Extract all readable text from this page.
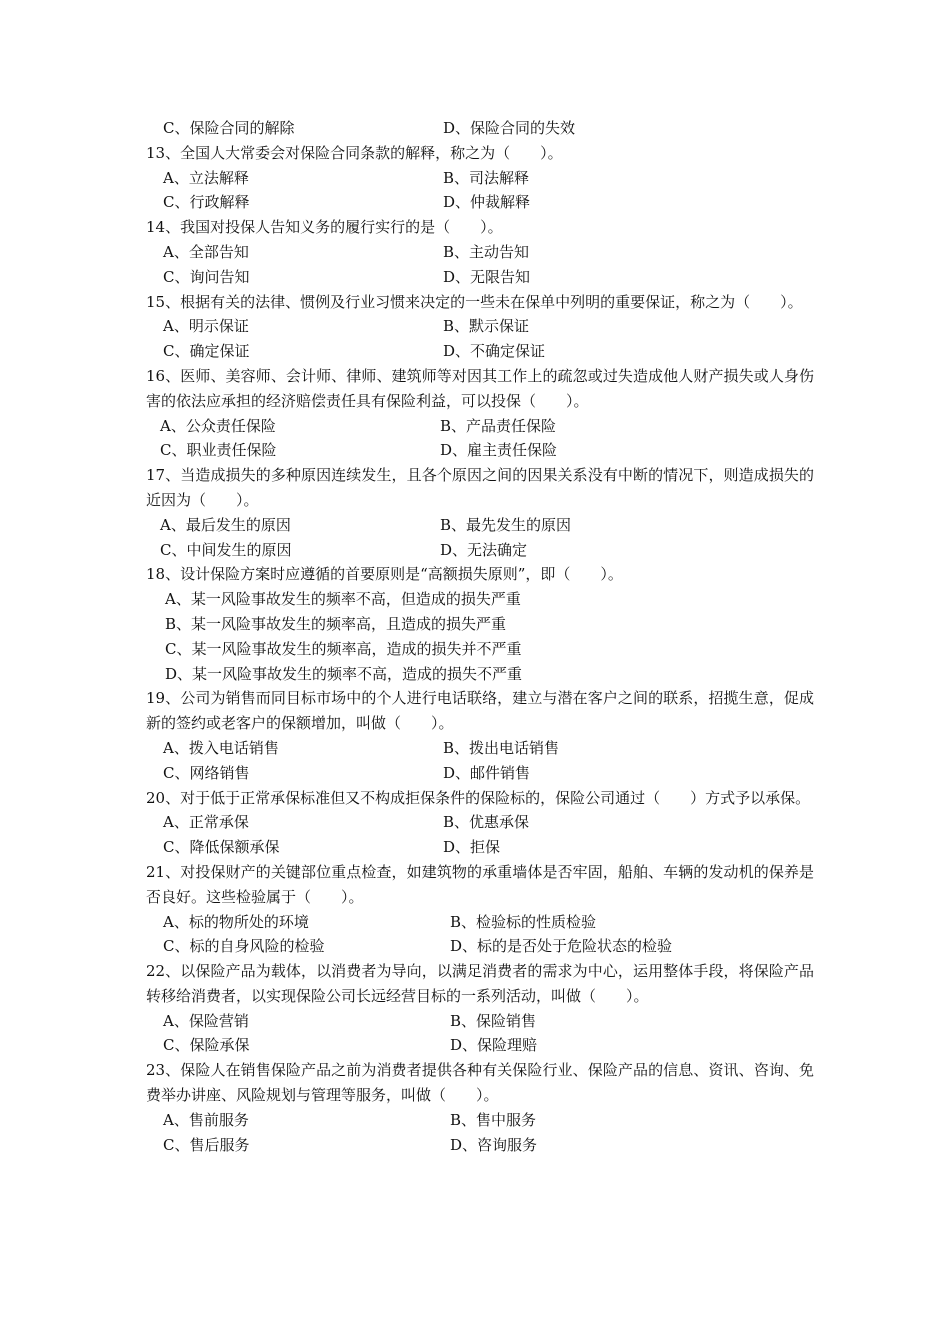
C、保险合同的解除	D、保险合同的失效
13、全国人大常委会对保险合同条款的解释，称之为（　　）。
A、立法解释	B、司法解释
C、行政解释	D、仲裁解释
14、我国对投保人告知义务的履行实行的是（　　）。
A、全部告知	B、主动告知
C、询问告知	D、无限告知
15、根据有关的法律、惯例及行业习惯来决定的一些未在保单中列明的重要保证，称之为（　　）。
A、明示保证	B、默示保证
C、确定保证	D、不确定保证
16、医师、美容师、会计师、律师、建筑师等对因其工作上的疏忽或过失造成他人财产损失或人身伤害的依法应承担的经济赔偿责任具有保险利益，可以投保（　　）。
A、公众责任保险	B、产品责任保险
C、职业责任保险	D、雇主责任保险
17、当造成损失的多种原因连续发生，且各个原因之间的因果关系没有中断的情况下，则造成损失的近因为（　　）。
A、最后发生的原因	B、最先发生的原因
C、中间发生的原因	D、无法确定
18、设计保险方案时应遵循的首要原则是“高额损失原则”，即（　　）。
A、某一风险事故发生的频率不高，但造成的损失严重
B、某一风险事故发生的频率高，且造成的损失严重
C、某一风险事故发生的频率高，造成的损失并不严重
D、某一风险事故发生的频率不高，造成的损失不严重
19、公司为销售而同目标市场中的个人进行电话联络，建立与潜在客户之间的联系，招揽生意，促成新的签约或老客户的保额增加，叫做（　　）。
A、拨入电话销售	B、拨出电话销售
C、网络销售	D、邮件销售
20、对于低于正常承保标准但又不构成拒保条件的保险标的，保险公司通过（　　）方式予以承保。
A、正常承保	B、优惠承保
C、降低保额承保	D、拒保
21、对投保财产的关键部位重点检查，如建筑物的承重墙体是否牢固，船舶、车辆的发动机的保养是否良好。这些检验属于（　　）。
A、标的物所处的环境	B、检验标的性质检验
C、标的自身风险的检验	D、标的是否处于危险状态的检验
22、以保险产品为载体，以消费者为导向，以满足消费者的需求为中心，运用整体手段，将保险产品转移给消费者，以实现保险公司长远经营目标的一系列活动，叫做（　　）。
A、保险营销	B、保险销售
C、保险承保	D、保险理赔
23、保险人在销售保险产品之前为消费者提供各种有关保险行业、保险产品的信息、资讯、咨询、免费举办讲座、风险规划与管理等服务，叫做（　　）。
A、售前服务	B、售中服务
C、售后服务	D、咨询服务
